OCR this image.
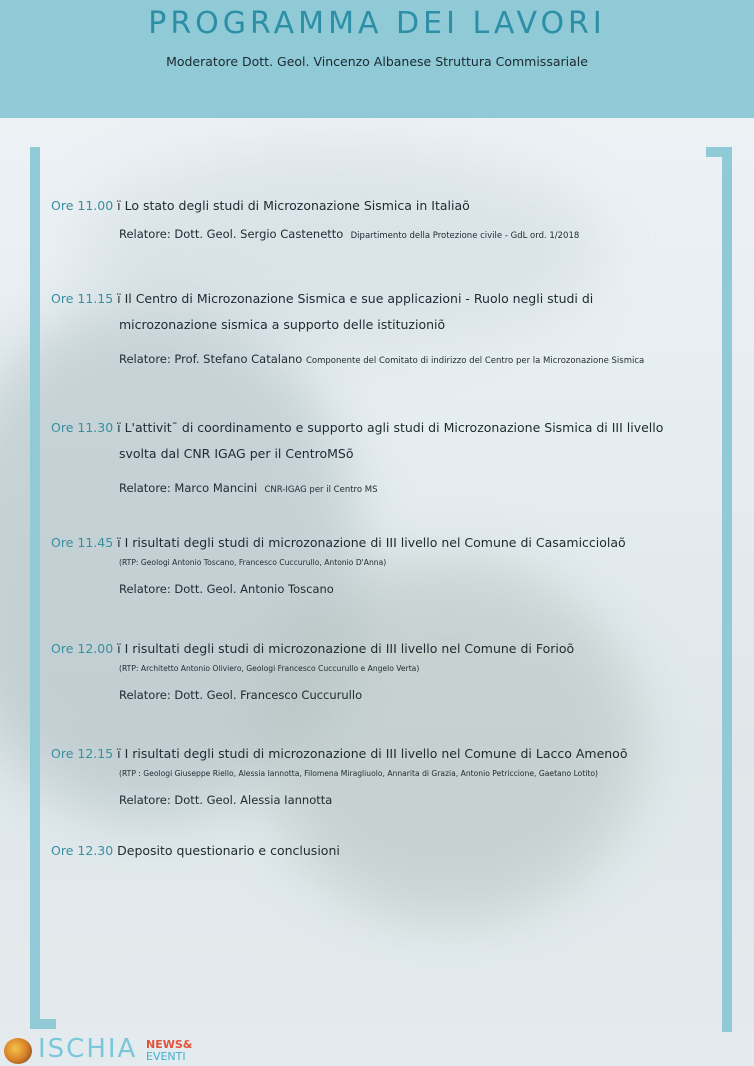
PROGRAMMA DEI LAVORI
Moderatore Dott. Geol. Vincenzo Albanese Struttura Commissariale
Ore 11.00 ï Lo stato degli studi di Microzonazione Sismica in Italiaõ
Relatore: Dott. Geol. Sergio Castenetto Dipartimento della Protezione civile - GdL ord. 1/2018
Ore 11.15 ï Il Centro di Microzonazione Sismica e sue applicazioni - Ruolo negli studi di
microzonazione sismica a supporto delle istituzioniõ
Relatore: Prof. Stefano Catalano Componente del Comitato di indirizzo del Centro per la Microzonazione Sismica
Ore 11.30 ï L'attivit¯ di coordinamento e supporto agli studi di Microzonazione Sismica di III livello
svolta dal CNR IGAG per il CentroMSõ
Relatore: Marco Mancini CNR-IGAG per il Centro MS
Ore 11.45 ï I risultati degli studi di microzonazione di III livello nel Comune di Casamicciolaõ
(RTP: Geologi Antonio Toscano, Francesco Cuccurullo, Antonio D'Anna)
Relatore: Dott. Geol. Antonio Toscano
Ore 12.00 ï I risultati degli studi di microzonazione di III livello nel Comune di Forioõ
(RTP: Architetto Antonio Oliviero, Geologi Francesco Cuccurullo e Angelo Verta)
Relatore: Dott. Geol. Francesco Cuccurullo
Ore 12.15 ï I risultati degli studi di microzonazione di III livello nel Comune di Lacco Amenoõ
(RTP : Geologi Giuseppe Riello, Alessia Iannotta, Filomena Miragliuolo, Annarita di Grazia, Antonio Petriccione, Gaetano Lotito)
Relatore: Dott. Geol. Alessia Iannotta
Ore 12.30 Deposito questionario e conclusioni
ISCHIA NEWS&
EVENTI
